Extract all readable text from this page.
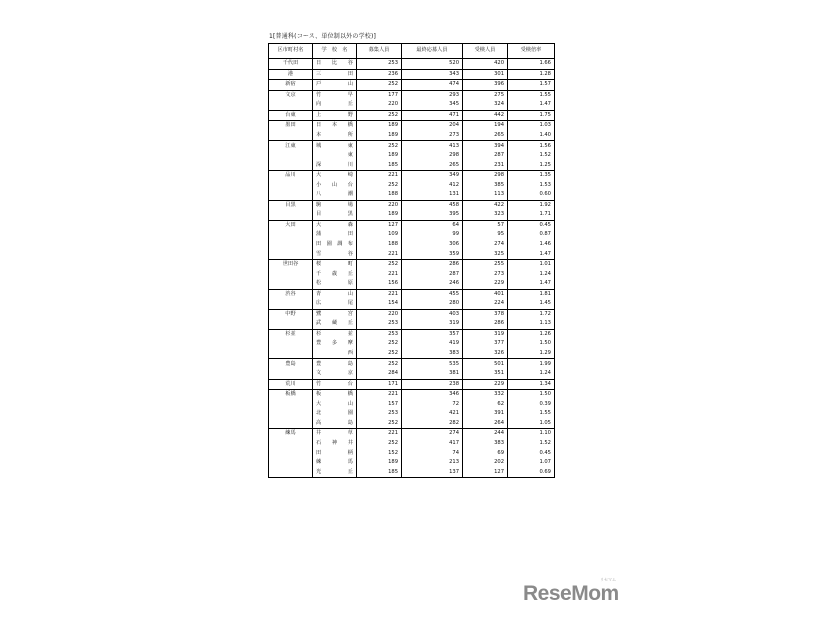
1[普通科(コース、単位制以外の学校)]
区市町村名	学　校　名	募集人員	最終応募人員	受検人員	受検倍率
千代田	日 比 谷	253	520	420	1.66
港	三 田	236	343	301	1.28
新宿	戸 山	252	474	396	1.57
文京	竹 早	177	293	275	1.55

	向 丘	220	345	324	1.47
台東	上 野	252	471	442	1.75
墨田	日 本 橋	189	204	194	1.03

	本 所	189	273	265	1.40
江東	城 東	252	413	394	1.56

	東	189	298	287	1.52

	深 川	185	265	231	1.25
品川	大 崎	221	349	298	1.35

	小 山 台	252	412	385	1.53

	八 潮	188	131	113	0.60
目黒	駒 場	220	458	422	1.92

	目 黒	189	395	323	1.71
大田	大 森	127	64	57	0.45

	蒲 田	109	99	95	0.87

	田 園 調 布	188	306	274	1.46

	雪 谷	221	359	325	1.47
世田谷	桜 町	252	286	255	1.01

	千 歳 丘	221	287	273	1.24

	松 原	156	246	229	1.47
渋谷	青 山	221	455	401	1.81

	広 尾	154	280	224	1.45
中野	鷺 宮	220	403	378	1.72

	武 蔵 丘	253	319	286	1.13
杉並	杉 並	253	357	319	1.26

	豊 多 摩	252	419	377	1.50

	西	252	383	326	1.29
豊島	豊 島	252	535	501	1.99

	文 京	284	381	351	1.24
荒川	竹 台	171	238	229	1.34
板橋	板 橋	221	346	332	1.50

	大 山	157	72	62	0.39

	北 園	253	421	391	1.55

	高 島	252	282	264	1.05
練馬	井 草	221	274	244	1.10

	石 神 井	252	417	383	1.52

	田 柄	152	74	69	0.45

	練 馬	189	213	202	1.07

	光 丘	185	137	127	0.69
ReseMom
リセマム
